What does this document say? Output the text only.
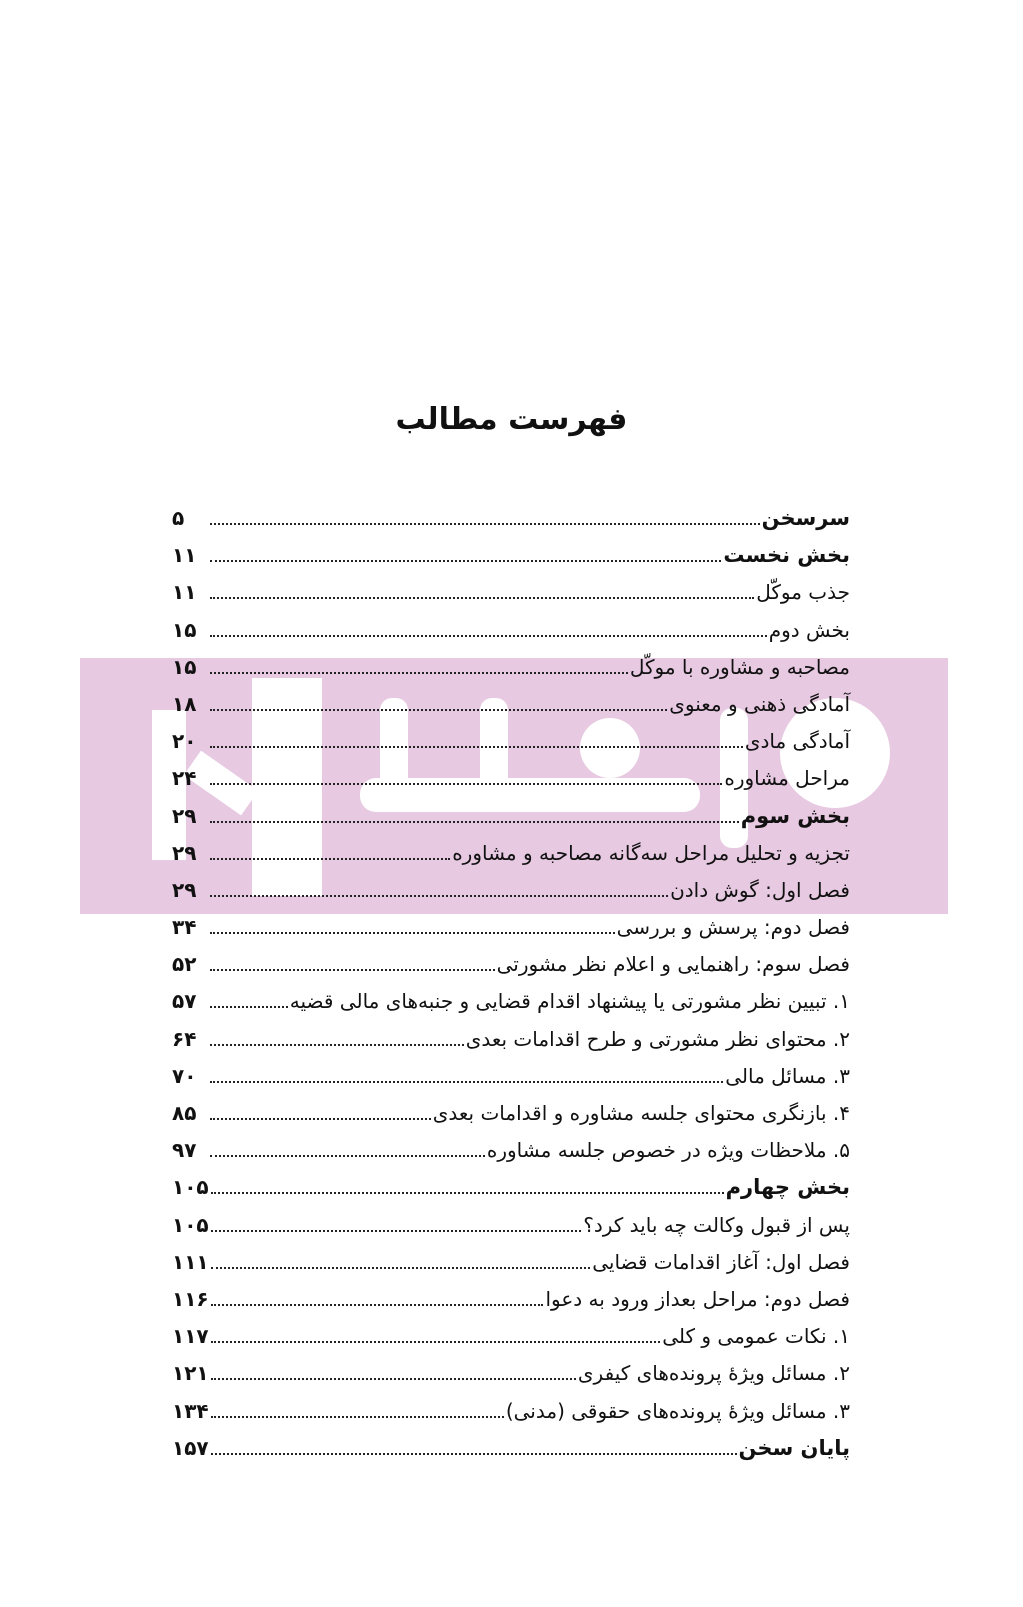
فهرست مطالب
سرسخن
۵
بخش نخست
۱۱
جذب موکّل
۱۱
بخش دوم
۱۵
مصاحبه و مشاوره با موکّل
۱۵
آمادگی ذهنی و معنوی
۱۸
آمادگی مادی
۲۰
مراحل مشاوره
۲۴
بخش سوم
۲۹
تجزیه و تحلیل مراحل سه‌گانه مصاحبه و مشاوره
۲۹
فصل اول: گوش دادن
۲۹
فصل دوم: پرسش و بررسی
۳۴
فصل سوم: راهنمایی و اعلام نظر مشورتی
۵۲
۱. تبیین نظر مشورتی یا پیشنهاد اقدام قضایی و جنبه‌های مالی قضیه
۵۷
۲. محتوای نظر مشورتی و طرح اقدامات بعدی
۶۴
۳. مسائل مالی
۷۰
۴. بازنگری محتوای جلسه مشاوره و اقدامات بعدی
۸۵
۵. ملاحظات ویژه در خصوص جلسه مشاوره
۹۷
بخش چهارم
۱۰۵
پس از قبول وکالت چه باید کرد؟
۱۰۵
فصل اول: آغاز اقدامات قضایی
۱۱۱
فصل دوم: مراحل بعداز ورود به دعوا
۱۱۶
۱. نکات عمومی و کلی
۱۱۷
۲. مسائل ویژهٔ پرونده‌های کیفری
۱۲۱
۳. مسائل ویژهٔ پرونده‌های حقوقی (مدنی)
۱۳۴
پایان سخن
۱۵۷
